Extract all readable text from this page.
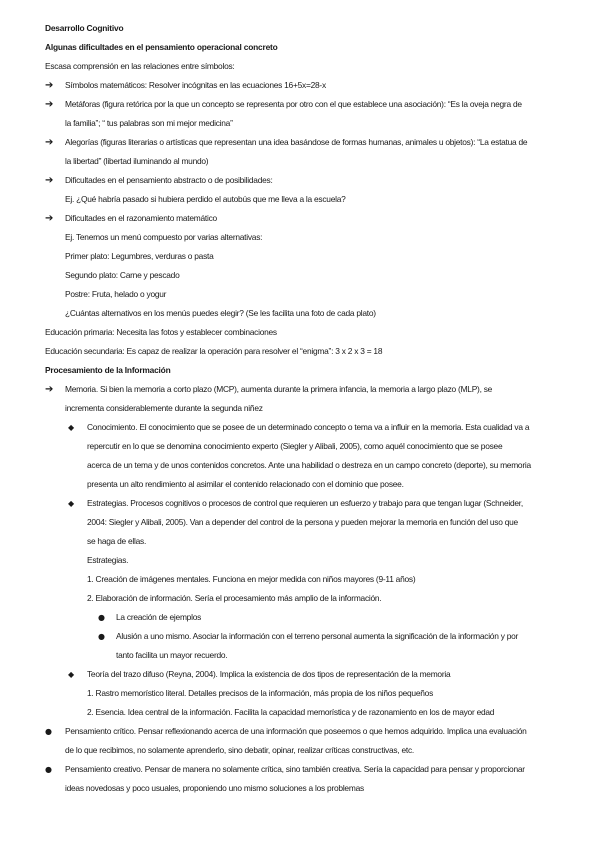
Desarrollo Cognitivo
Algunas dificultades en el pensamiento operacional concreto
Escasa comprensión en las relaciones entre símbolos:
➔ Símbolos matemáticos: Resolver incógnitas en las ecuaciones 16+5x=28-x
➔ Metáforas (figura retórica por la que un concepto se representa por otro con el que establece una asociación): “Es la oveja negra de
la familia”; “ tus palabras son mi mejor medicina”
➔ Alegorías (figuras literarias o artísticas que representan una idea basándose de formas humanas, animales u objetos): “La estatua de
la libertad” (libertad iluminando al mundo)
➔ Dificultades en el pensamiento abstracto o de posibilidades:
Ej. ¿Qué habría pasado si hubiera perdido el autobús que me lleva a la escuela?
➔ Dificultades en el razonamiento matemático
Ej. Tenemos un menú compuesto por varias alternativas:
Primer plato: Legumbres, verduras o pasta
Segundo plato: Carne y pescado
Postre: Fruta, helado o yogur
¿Cuántas alternativos en los menús puedes elegir? (Se les facilita una foto de cada plato)
Educación primaria: Necesita las fotos y establecer combinaciones
Educación secundaria: Es capaz de realizar la operación para resolver el “enigma”: 3 x 2 x 3 = 18
Procesamiento de la Información
➔ Memoria. Si bien la memoria a corto plazo (MCP), aumenta durante la primera infancia, la memoria a largo plazo (MLP), se
incrementa considerablemente durante la segunda niñez
◆ Conocimiento. El conocimiento que se posee de un determinado concepto o tema va a influir en la memoria. Esta cualidad va a
repercutir en lo que se denomina conocimiento experto (Siegler y Alibali, 2005), como aquél conocimiento que se posee
acerca de un tema y de unos contenidos concretos. Ante una habilidad o destreza en un campo concreto (deporte), su memoria
presenta un alto rendimiento al asimilar el contenido relacionado con el dominio que posee.
◆ Estrategias. Procesos cognitivos o procesos de control que requieren un esfuerzo y trabajo para que tengan lugar (Schneider,
2004: Siegler y Alibali, 2005). Van a depender del control de la persona y pueden mejorar la memoria en función del uso que
se haga de ellas.
Estrategias.
1. Creación de imágenes mentales. Funciona en mejor medida con niños mayores (9-11 años)
2. Elaboración de información. Sería el procesamiento más amplio de la información.
● La creación de ejemplos
● Alusión a uno mismo. Asociar la información con el terreno personal aumenta la significación de la información y por
tanto facilita un mayor recuerdo.
◆ Teoría del trazo difuso (Reyna, 2004). Implica la existencia de dos tipos de representación de la memoria
1. Rastro memorístico literal. Detalles precisos de la información, más propia de los niños pequeños
2. Esencia. Idea central de la información. Facilita la capacidad memorística y de razonamiento en los de mayor edad
● Pensamiento crítico. Pensar reflexionando acerca de una información que poseemos o que hemos adquirido. Implica una evaluación
de lo que recibimos, no solamente aprenderlo, sino debatir, opinar, realizar críticas constructivas, etc.
● Pensamiento creativo. Pensar de manera no solamente crítica, sino también creativa. Sería la capacidad para pensar y proporcionar
ideas novedosas y poco usuales, proponiendo uno mismo soluciones a los problemas
